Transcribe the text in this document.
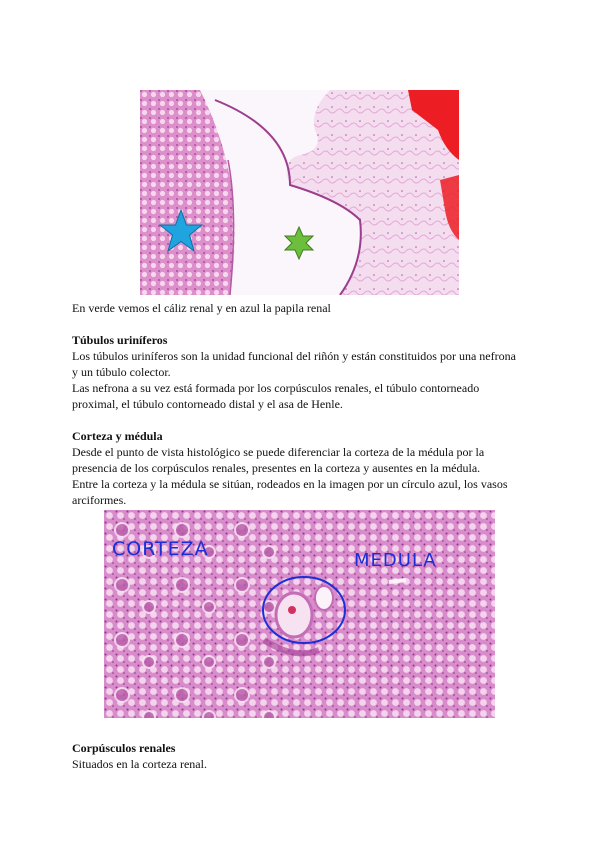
En verde vemos el cáliz renal y en azul la papila renal
Túbulos uriníferos
Los túbulos uriníferos son la unidad funcional del riñón y están constituidos por una nefrona
y un túbulo colector.
Las nefrona a su vez está formada por los corpúsculos renales, el túbulo contorneado
proximal, el túbulo contorneado distal y el asa de Henle.
Corteza y médula
Desde el punto de vista histológico se puede diferenciar la corteza de la médula por la
presencia de los corpúsculos renales, presentes en la corteza y ausentes en la médula.
Entre la corteza y la médula se sitúan, rodeados en la imagen por un círculo azul, los vasos
arciformes.
CORTEZA
MEDULA
Corpúsculos renales
Situados en la corteza renal.
